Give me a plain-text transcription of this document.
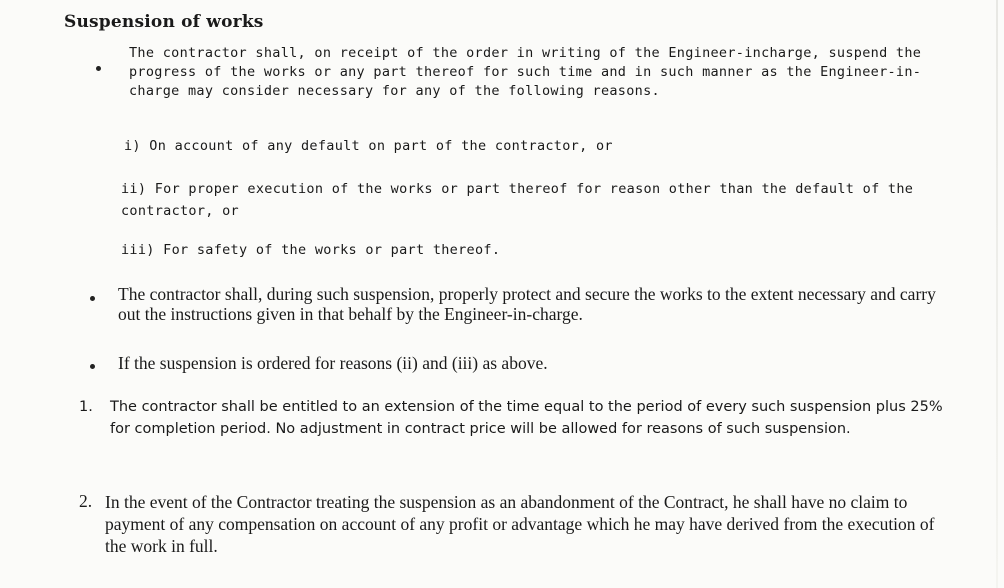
Suspension of works
The contractor shall, on receipt of the order in writing of the Engineer-incharge, suspend the progress of the works or any part thereof for such time and in such manner as the Engineer-in-charge may consider necessary for any of the following reasons.
i) On account of any default on part of the contractor, or
ii) For proper execution of the works or part thereof for reason other than the default of the contractor, or
iii) For safety of the works or part thereof.
The contractor shall, during such suspension, properly protect and secure the works to the extent necessary and carry out the instructions given in that behalf by the Engineer-in-charge.
If the suspension is ordered for reasons (ii) and (iii) as above.
1. The contractor shall be entitled to an extension of the time equal to the period of every such suspension plus 25% for completion period. No adjustment in contract price will be allowed for reasons of such suspension.
2. In the event of the Contractor treating the suspension as an abandonment of the Contract, he shall have no claim to payment of any compensation on account of any profit or advantage which he may have derived from the execution of the work in full.
